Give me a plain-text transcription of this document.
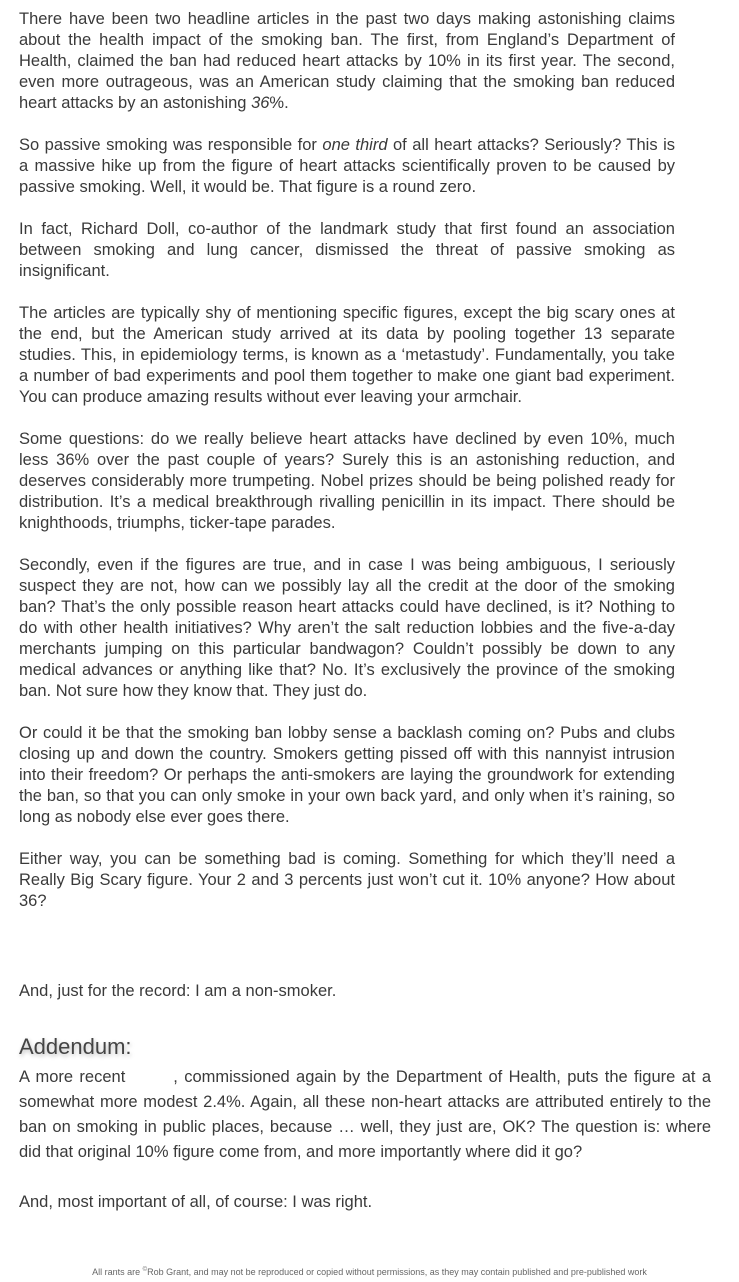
There have been two headline articles in the past two days making astonishing claims about the health impact of the smoking ban. The first, from England’s Department of Health, claimed the ban had reduced heart attacks by 10% in its first year. The second, even more outrageous, was an American study claiming that the smoking ban reduced heart attacks by an astonishing 36%.

So passive smoking was responsible for one third of all heart attacks? Seriously? This is a massive hike up from the figure of heart attacks scientifically proven to be caused by passive smoking. Well, it would be. That figure is a round zero.

In fact, Richard Doll, co-author of the landmark study that first found an association between smoking and lung cancer, dismissed the threat of passive smoking as insignificant.

The articles are typically shy of mentioning specific figures, except the big scary ones at the end, but the American study arrived at its data by pooling together 13 separate studies. This, in epidemiology terms, is known as a ‘metastudy’. Fundamentally, you take a number of bad experiments and pool them together to make one giant bad experiment. You can produce amazing results without ever leaving your armchair.

Some questions: do we really believe heart attacks have declined by even 10%, much less 36% over the past couple of years? Surely this is an astonishing reduction, and deserves considerably more trumpeting. Nobel prizes should be being polished ready for distribution. It’s a medical breakthrough rivalling penicillin in its impact. There should be knighthoods, triumphs, ticker-tape parades.

Secondly, even if the figures are true, and in case I was being ambiguous, I seriously suspect they are not, how can we possibly lay all the credit at the door of the smoking ban? That’s the only possible reason heart attacks could have declined, is it? Nothing to do with other health initiatives? Why aren’t the salt reduction lobbies and the five-a-day merchants jumping on this particular bandwagon? Couldn’t possibly be down to any medical advances or anything like that? No. It’s exclusively the province of the smoking ban. Not sure how they know that. They just do.

Or could it be that the smoking ban lobby sense a backlash coming on? Pubs and clubs closing up and down the country. Smokers getting pissed off with this nannyist intrusion into their freedom? Or perhaps the anti-smokers are laying the groundwork for extending the ban, so that you can only smoke in your own back yard, and only when it’s raining, so long as nobody else ever goes there.

Either way, you can be something bad is coming. Something for which they’ll need a Really Big Scary figure. Your 2 and 3 percents just won’t cut it. 10% anyone? How about 36?

And, just for the record: I am a non-smoker.

Addendum:

A more recent	, commissioned again by the Department of Health, puts the figure at a somewhat more modest 2.4%. Again, all these non-heart attacks are attributed entirely to the ban on smoking in public places, because … well, they just are, OK? The question is: where did that original 10% figure come from, and more importantly where did it go?

And, most important of all, of course: I was right.

All rants are ©Rob Grant, and may not be reproduced or copied without permissions, as they may contain published and pre-published work
